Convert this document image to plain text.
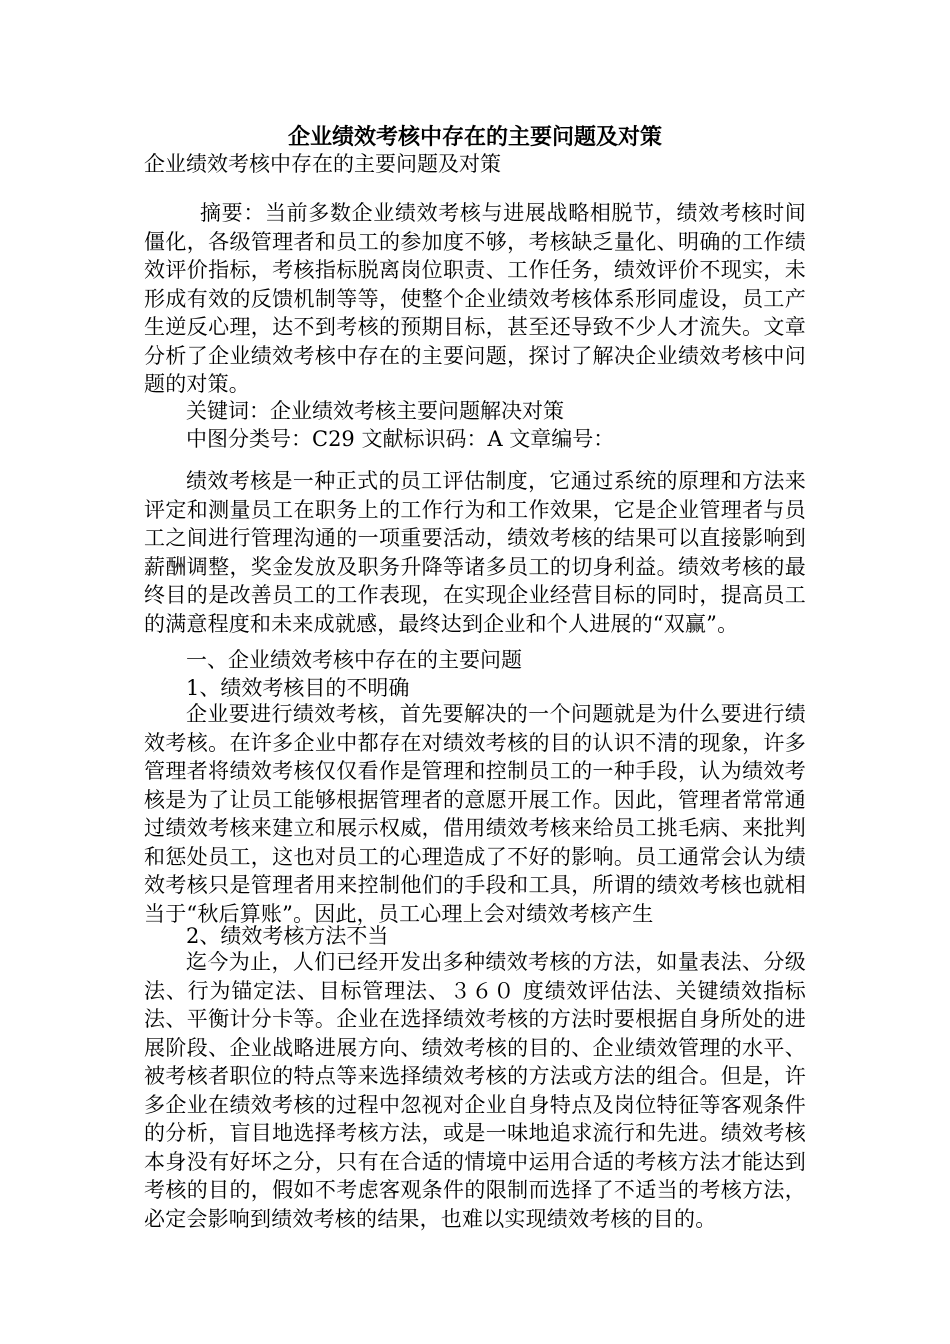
企业绩效考核中存在的主要问题及对策
企业绩效考核中存在的主要问题及对策
摘要：当前多数企业绩效考核与进展战略相脱节，绩效考核时间僵化，各级管理者和员工的参加度不够，考核缺乏量化、明确的工作绩效评价指标，考核指标脱离岗位职责、工作任务，绩效评价不现实，未形成有效的反馈机制等等，使整个企业绩效考核体系形同虚设，员工产生逆反心理，达不到考核的预期目标，甚至还导致不少人才流失。文章分析了企业绩效考核中存在的主要问题，探讨了解决企业绩效考核中问题的对策。
关键词：企业绩效考核主要问题解决对策
中图分类号：C29 文献标识码：A 文章编号：
绩效考核是一种正式的员工评估制度，它通过系统的原理和方法来评定和测量员工在职务上的工作行为和工作效果，它是企业管理者与员工之间进行管理沟通的一项重要活动，绩效考核的结果可以直接影响到薪酬调整，奖金发放及职务升降等诸多员工的切身利益。绩效考核的最终目的是改善员工的工作表现，在实现企业经营目标的同时，提高员工的满意程度和未来成就感，最终达到企业和个人进展的“双赢”。
一、企业绩效考核中存在的主要问题
1、绩效考核目的不明确
企业要进行绩效考核，首先要解决的一个问题就是为什么要进行绩效考核。在许多企业中都存在对绩效考核的目的认识不清的现象，许多管理者将绩效考核仅仅看作是管理和控制员工的一种手段，认为绩效考核是为了让员工能够根据管理者的意愿开展工作。因此，管理者常常通过绩效考核来建立和展示权威，借用绩效考核来给员工挑毛病、来批判和惩处员工，这也对员工的心理造成了不好的影响。员工通常会认为绩效考核只是管理者用来控制他们的手段和工具，所谓的绩效考核也就相当于“秋后算账”。因此，员工心理上会对绩效考核产生
2、绩效考核方法不当
迄今为止，人们已经开发出多种绩效考核的方法，如量表法、分级法、行为锚定法、目标管理法、３６０ 度绩效评估法、关键绩效指标法、平衡计分卡等。企业在选择绩效考核的方法时要根据自身所处的进展阶段、企业战略进展方向、绩效考核的目的、企业绩效管理的水平、被考核者职位的特点等来选择绩效考核的方法或方法的组合。但是，许多企业在绩效考核的过程中忽视对企业自身特点及岗位特征等客观条件的分析，盲目地选择考核方法，或是一味地追求流行和先进。绩效考核本身没有好坏之分，只有在合适的情境中运用合适的考核方法才能达到考核的目的，假如不考虑客观条件的限制而选择了不适当的考核方法，必定会影响到绩效考核的结果，也难以实现绩效考核的目的。
